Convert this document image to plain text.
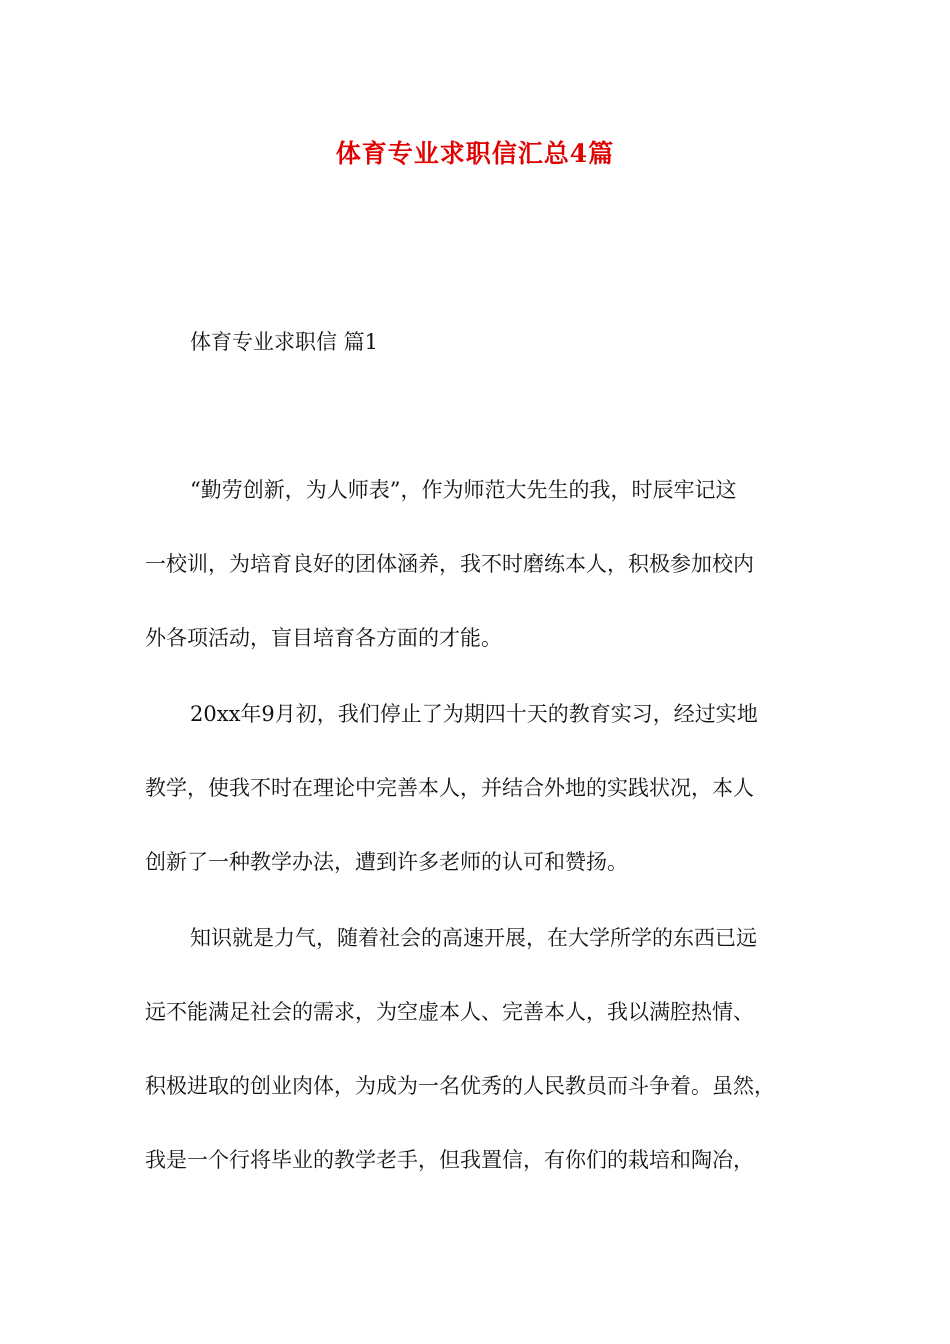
体育专业求职信汇总4篇
体育专业求职信 篇1
“勤劳创新，为人师表”，作为师范大先生的我，时辰牢记这
一校训，为培育良好的团体涵养，我不时磨练本人，积极参加校内
外各项活动，盲目培育各方面的才能。
20xx年9月初，我们停止了为期四十天的教育实习，经过实地
教学，使我不时在理论中完善本人，并结合外地的实践状况，本人
创新了一种教学办法，遭到许多老师的认可和赞扬。
知识就是力气，随着社会的高速开展，在大学所学的东西已远
远不能满足社会的需求，为空虚本人、完善本人，我以满腔热情、
积极进取的创业肉体，为成为一名优秀的人民教员而斗争着。虽然，
我是一个行将毕业的教学老手，但我置信，有你们的栽培和陶冶，
